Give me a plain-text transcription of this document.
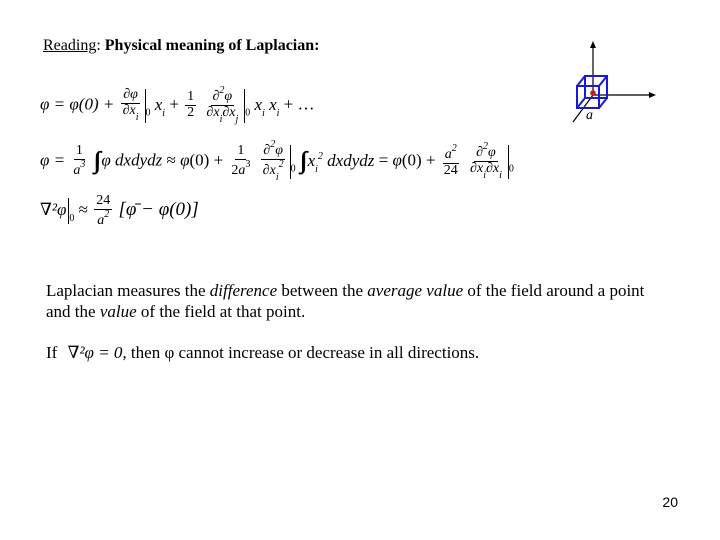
Reading: Physical meaning of Laplacian:
$\varphi = \varphi(0) + \frac{\partial\varphi}{\partial x_i} _0$ $x_i + \frac{1}{2}$
$\frac{\partial^2\varphi}{\partial x_i\partial x_j} _0$ $x_i$ $x_i$ + …
$\varphi = \frac{1}{a^3}$ ∫∫∫ φ dxdydz ≈ $\varphi(0) + \frac{1}{2a^3}$
$\frac{\partial^2\varphi}{\partial x_i^2} _0$ ∫∫∫ $x_i^2$ dxdydz = $\varphi(0) + \frac{a^2}{24}$
$\frac{\partial^2\varphi}{\partial x_i\partial x_i} _0$
∇²φ $_0 \approx \frac{24}{a^2}$ [φ̄ − φ(0)]
a
Laplacian measures the difference between the average value of the field around a point and the value of the field at that point.
If ∇²φ = 0, then φ cannot increase or decrease in all directions.
20
